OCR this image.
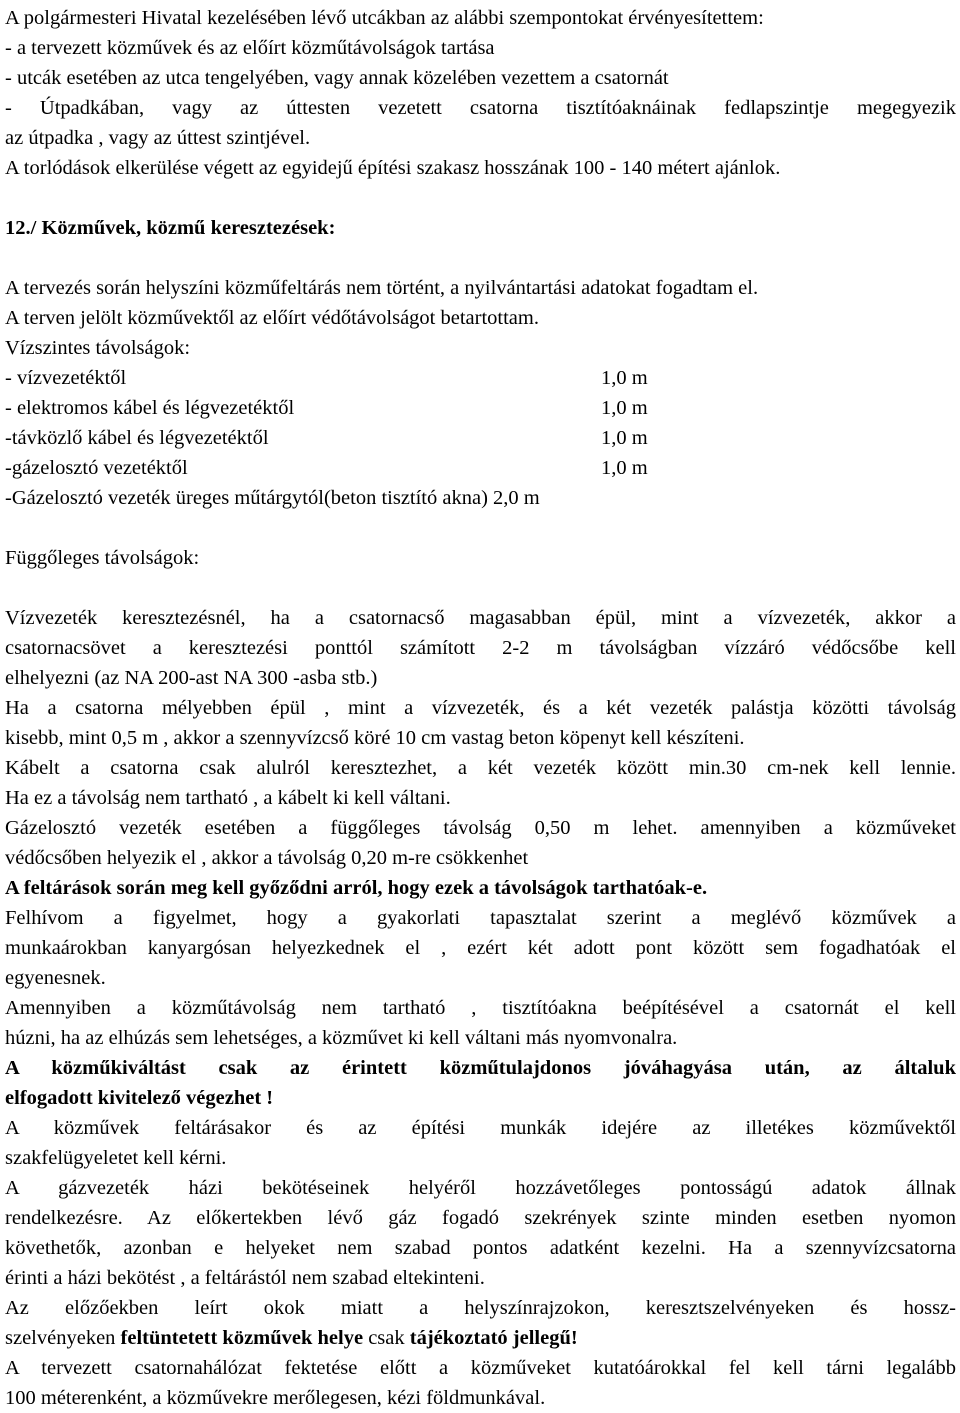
A polgármesteri Hivatal kezelésében lévő utcákban az alábbi szempontokat érvényesítettem:
- a tervezett közművek és az előírt közműtávolságok tartása
- utcák esetében az utca tengelyében, vagy annak közelében vezettem a csatornát
- Útpadkában, vagy az úttesten vezetett csatorna tisztítóaknáinak fedlapszintje megegyezik
az útpadka , vagy az úttest szintjével.
A torlódások elkerülése végett az egyidejű építési szakasz hosszának 100 - 140 métert ajánlok.
12./ Közművek, közmű keresztezések:
A tervezés során helyszíni közműfeltárás nem történt, a nyilvántartási adatokat fogadtam el.
A terven jelölt közművektől az előírt védőtávolságot betartottam.
Vízszintes távolságok:
- vízvezetéktől	1,0 m
- elektromos kábel és légvezetéktől	1,0 m
-távközlő kábel és légvezetéktől	1,0 m
-gázelosztó vezetéktől	1,0 m
-Gázelosztó vezeték üreges műtárgytól(beton tisztító akna) 2,0 m
Függőleges távolságok:
Vízvezeték keresztezésnél, ha a csatornacső magasabban épül, mint a vízvezeték, akkor a
csatornacsövet a keresztezési ponttól számított 2-2 m távolságban vízzáró védőcsőbe kell
elhelyezni (az NA 200-ast NA 300 -asba stb.)
Ha a csatorna mélyebben épül , mint a vízvezeték, és a két vezeték palástja közötti távolság
kisebb, mint 0,5 m , akkor a szennyvízcső köré 10 cm vastag beton köpenyt kell készíteni.
Kábelt a csatorna csak alulról keresztezhet, a két vezeték között min.30 cm-nek kell lennie.
Ha ez a távolság nem tartható , a kábelt ki kell váltani.
Gázelosztó vezeték esetében a függőleges távolság 0,50 m lehet. amennyiben a közműveket
védőcsőben helyezik el , akkor a távolság 0,20 m-re csökkenhet
A feltárások során meg kell győződni arról, hogy ezek a távolságok tarthatóak-e.
Felhívom a figyelmet, hogy a gyakorlati tapasztalat szerint a meglévő közművek a
munkaárokban kanyargósan helyezkednek el , ezért két adott pont között sem fogadhatóak el
egyenesnek.
Amennyiben a közműtávolság nem tartható , tisztítóakna beépítésével a csatornát el kell
húzni, ha az elhúzás sem lehetséges, a közművet ki kell váltani más nyomvonalra.
A közműkiváltást csak az érintett közműtulajdonos jóváhagyása után, az általuk
elfogadott kivitelező végezhet !
A közművek feltárásakor és az építési munkák idejére az illetékes közművektől
szakfelügyeletet kell kérni.
A gázvezeték házi bekötéseinek helyéről hozzávetőleges pontosságú adatok állnak
rendelkezésre. Az előkertekben lévő gáz fogadó szekrények szinte minden esetben nyomon
követhetők, azonban e helyeket nem szabad pontos adatként kezelni. Ha a szennyvízcsatorna
érinti a házi bekötést , a feltárástól nem szabad eltekinteni.
Az előzőekben leírt okok miatt a helyszínrajzokon, keresztszelvényeken és hossz-
szelvényeken feltüntetett közművek helye csak tájékoztató jellegű!
A tervezett csatornahálózat fektetése előtt a közműveket kutatóárokkal fel kell tárni legalább
100 méterenként, a közművekre merőlegesen, kézi földmunkával.
